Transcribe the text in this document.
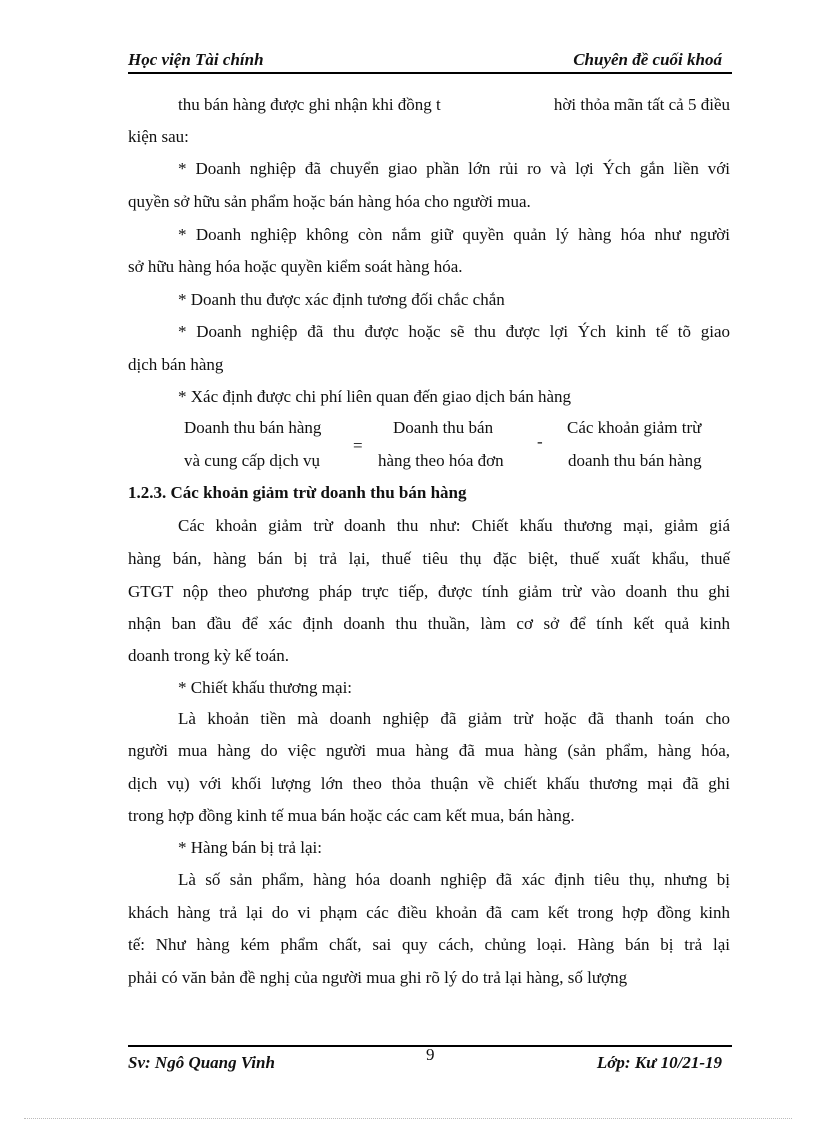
Học viện Tài chính	Chuyên đề cuối khoá
thu bán hàng được ghi nhận khi đồng t	hời thỏa mãn tất cả 5 điều
kiện sau:
* Doanh nghiệp đã chuyển giao phần lớn rủi ro và lợi Ých gắn liền với
quyền sở hữu sản phẩm hoặc bán hàng hóa cho người mua.
* Doanh nghiệp không còn nắm giữ quyền quản lý hàng hóa như người
sở hữu hàng hóa hoặc quyền kiểm soát hàng hóa.
* Doanh thu được xác định tương đối chắc chắn
* Doanh nghiệp đã thu được hoặc sẽ thu được lợi Ých kinh tế tõ giao
dịch bán hàng
* Xác định được chi phí liên quan đến giao dịch bán hàng
Doanh thu bán hàng
và cung cấp dịch vụ
=
Doanh thu bán
hàng theo hóa đơn
-
Các khoản giảm trừ
doanh thu bán hàng
1.2.3. Các khoản giảm trừ doanh thu bán hàng
Các khoản giảm trừ doanh thu như: Chiết khấu thương mại, giảm giá
hàng bán, hàng bán bị trả lại, thuế tiêu thụ đặc biệt, thuế xuất khẩu, thuế
GTGT nộp theo phương pháp trực tiếp, được tính giảm trừ vào doanh thu ghi
nhận ban đầu để xác định doanh thu thuần, làm cơ sở để tính kết quả kinh
doanh trong kỳ kế toán.
* Chiết khấu thương mại:
Là khoản tiền mà doanh nghiệp đã giảm trừ hoặc đã thanh toán cho
người mua hàng do việc người mua hàng đã mua hàng (sản phẩm, hàng hóa,
dịch vụ) với khối lượng lớn theo thỏa thuận về chiết khấu thương mại đã ghi
trong hợp đồng kinh tế mua bán hoặc các cam kết mua, bán hàng.
* Hàng bán bị trả lại:
Là số sản phẩm, hàng hóa doanh nghiệp đã xác định tiêu thụ, nhưng bị
khách hàng trả lại do vi phạm các điều khoản đã cam kết trong hợp đồng kinh
tế: Như hàng kém phẩm chất, sai quy cách, chủng loại. Hàng bán bị trả lại
phải có văn bản đề nghị của người mua ghi rõ lý do trả lại hàng, số lượng
Sv: Ngô Quang Vinh	9	Lớp: K‍ư 10/21-19
